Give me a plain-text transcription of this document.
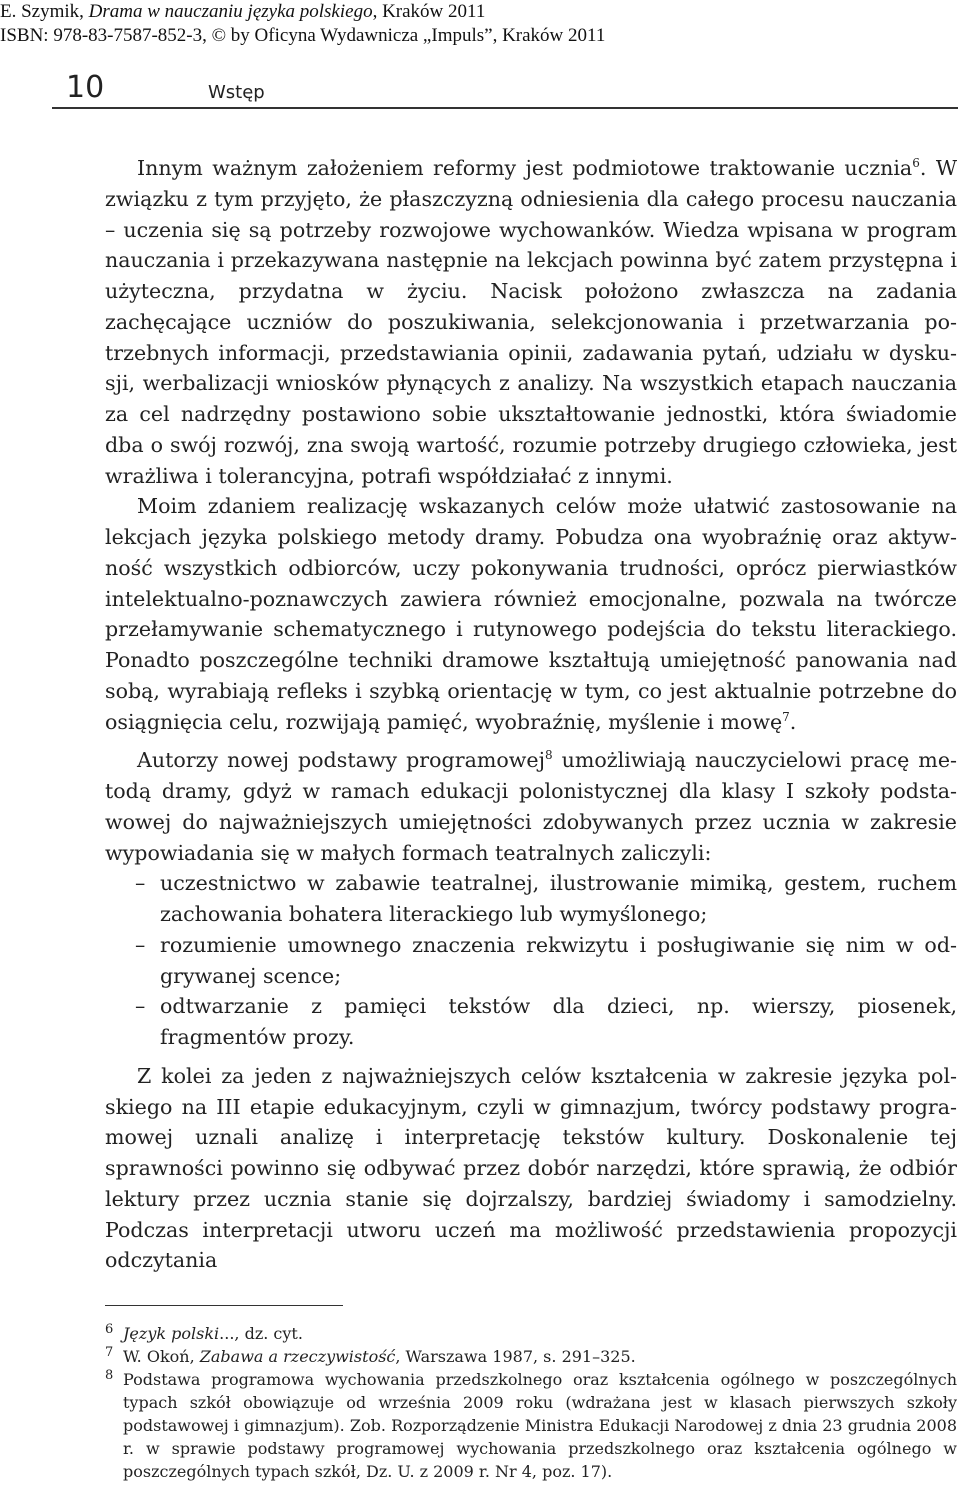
E. Szymik, Drama w nauczaniu języka polskiego, Kraków 2011
ISBN: 978-83-7587-852-3, © by Oficyna Wydawnicza „Impuls”, Kraków 2011
10	Wstęp

Innym ważnym założeniem reformy jest podmiotowe traktowanie ucznia$^6$. W związku z tym przyjęto, że płaszczyzną odniesienia dla całego procesu nauczania – uczenia się są potrzeby rozwojowe wychowanków. Wiedza wpisana w program nauczania i przekazywana następnie na lekcjach powinna być zatem przystępna i użyteczna, przydatna w życiu. Nacisk położono zwłaszcza na zadania zachęcające uczniów do poszukiwania, selekcjonowania i przetwarzania potrzebnych informacji, przedstawiania opinii, zadawania pytań, udziału w dyskusji, werbalizacji wniosków płynących z analizy. Na wszystkich etapach nauczania za cel nadrzędny postawiono sobie ukształtowanie jednostki, która świadomie dba o swój rozwój, zna swoją wartość, rozumie potrzeby drugiego człowieka, jest wrażliwa i tolerancyjna, potrafi współdziałać z innymi.

Moim zdaniem realizację wskazanych celów może ułatwić zastosowanie na lekcjach języka polskiego metody dramy. Pobudza ona wyobraźnię oraz aktywność wszystkich odbiorców, uczy pokonywania trudności, oprócz pierwiastków intelektualno-poznawczych zawiera również emocjonalne, pozwala na twórcze przełamywanie schematycznego i rutynowego podejścia do tekstu literackiego. Ponadto poszczególne techniki dramowe kształtują umiejętność panowania nad sobą, wyrabiają refleks i szybką orientację w tym, co jest aktualnie potrzebne do osiągnięcia celu, rozwijają pamięć, wyobraźnię, myślenie i mowę$^7$.

Autorzy nowej podstawy programowej$^8$ umożliwiają nauczycielowi pracę metodą dramy, gdyż w ramach edukacji polonistycznej dla klasy I szkoły podstawowej do najważniejszych umiejętności zdobywanych przez ucznia w zakresie wypowiadania się w małych formach teatralnych zaliczyli:

– uczestnictwo w zabawie teatralnej, ilustrowanie mimiką, gestem, ruchem zachowania bohatera literackiego lub wymyślonego;
– rozumienie umownego znaczenia rekwizytu i posługiwanie się nim w odgrywanej scence;
– odtwarzanie z pamięci tekstów dla dzieci, np. wierszy, piosenek, fragmentów prozy.

Z kolei za jeden z najważniejszych celów kształcenia w zakresie języka polskiego na III etapie edukacyjnym, czyli w gimnazjum, twórcy podstawy programowej uznali analizę i interpretację tekstów kultury. Doskonalenie tej sprawności powinno się odbywać przez dobór narzędzi, które sprawią, że odbiór lektury przez ucznia stanie się dojrzalszy, bardziej świadomy i samodzielny. Podczas interpretacji utworu uczeń ma możliwość przedstawienia propozycji odczytania

6 Język polski..., dz. cyt.
7 W. Okoń, Zabawa a rzeczywistość, Warszawa 1987, s. 291–325.
8 Podstawa programowa wychowania przedszkolnego oraz kształcenia ogólnego w poszczególnych typach szkół obowiązuje od września 2009 roku (wdrażana jest w klasach pierwszych szkoły podstawowej i gimnazjum). Zob. Rozporządzenie Ministra Edukacji Narodowej z dnia 23 grudnia 2008 r. w sprawie podstawy programowej wychowania przedszkolnego oraz kształcenia ogólnego w poszczególnych typach szkół, Dz. U. z 2009 r. Nr 4, poz. 17).
